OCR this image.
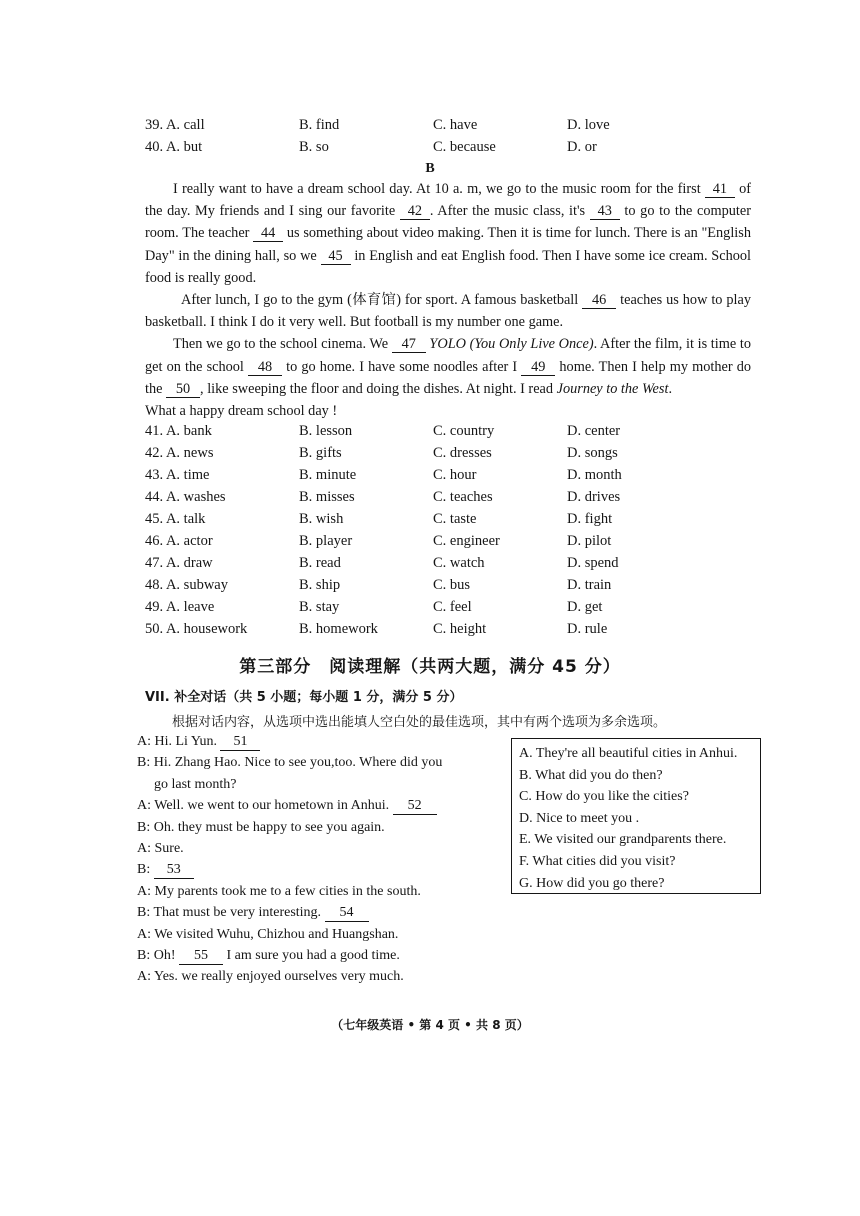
39. A. call	B. find	C. have	D. love
40. A. but	B. so	C. because	D. or
B

I really want to have a dream school day. At 10 a. m, we go to the music room for the first 41 of the day. My friends and I sing our favorite 42 . After the music class, it's 43 to go to the computer room. The teacher 44 us something about video making. Then it is time for lunch. There is an "English Day" in the dining hall, so we 45 in English and eat English food. Then I have some ice cream. School food is really good.

After lunch, I go to the gym (体育馆) for sport. A famous basketball 46 teaches us how to play basketball. I think I do it very well. But football is my number one game.

Then we go to the school cinema. We 47 YOLO (You Only Live Once). After the film, it is time to get on the school 48 to go home. I have some noodles after I 49 home. Then I help my mother do the 50 , like sweeping the floor and doing the dishes. At night. I read Journey to the West.

What a happy dream school day !

41. A. bank	B. lesson	C. country	D. center
42. A. news	B. gifts	C. dresses	D. songs
43. A. time	B. minute	C. hour	D. month
44. A. washes	B. misses	C. teaches	D. drives
45. A. talk	B. wish	C. taste	D. fight
46. A. actor	B. player	C. engineer	D. pilot
47. A. draw	B. read	C. watch	D. spend
48. A. subway	B. ship	C. bus	D. train
49. A. leave	B. stay	C. feel	D. get
50. A. housework	B. homework	C. height	D. rule
第三部分　阅读理解（共两大题，满分 45 分）
VII. 补全对话（共 5 小题；每小题 1 分，满分 5 分）
根据对话内容，从选项中选出能填人空白处的最佳选项，其中有两个选项为多余选项。
A: Hi. Li Yun. 51
B: Hi. Zhang Hao. Nice to see you,too. Where did you
go last month?
A: Well. we went to our hometown in Anhui. 52
B: Oh. they must be happy to see you again.
A: Sure.
B: 53
A: My parents took me to a few cities in the south.
B: That must be very interesting. 54
A: We visited Wuhu, Chizhou and Huangshan.
B: Oh! 55 I am sure you had a good time.
A: Yes. we really enjoyed ourselves very much.
A. They're all beautiful cities in Anhui.
B. What did you do then?
C. How do you like the cities?
D. Nice to meet you .
E. We visited our grandparents there.
F. What cities did you visit?
G. How did you go there?
（七年级英语 • 第 4 页 • 共 8 页）
